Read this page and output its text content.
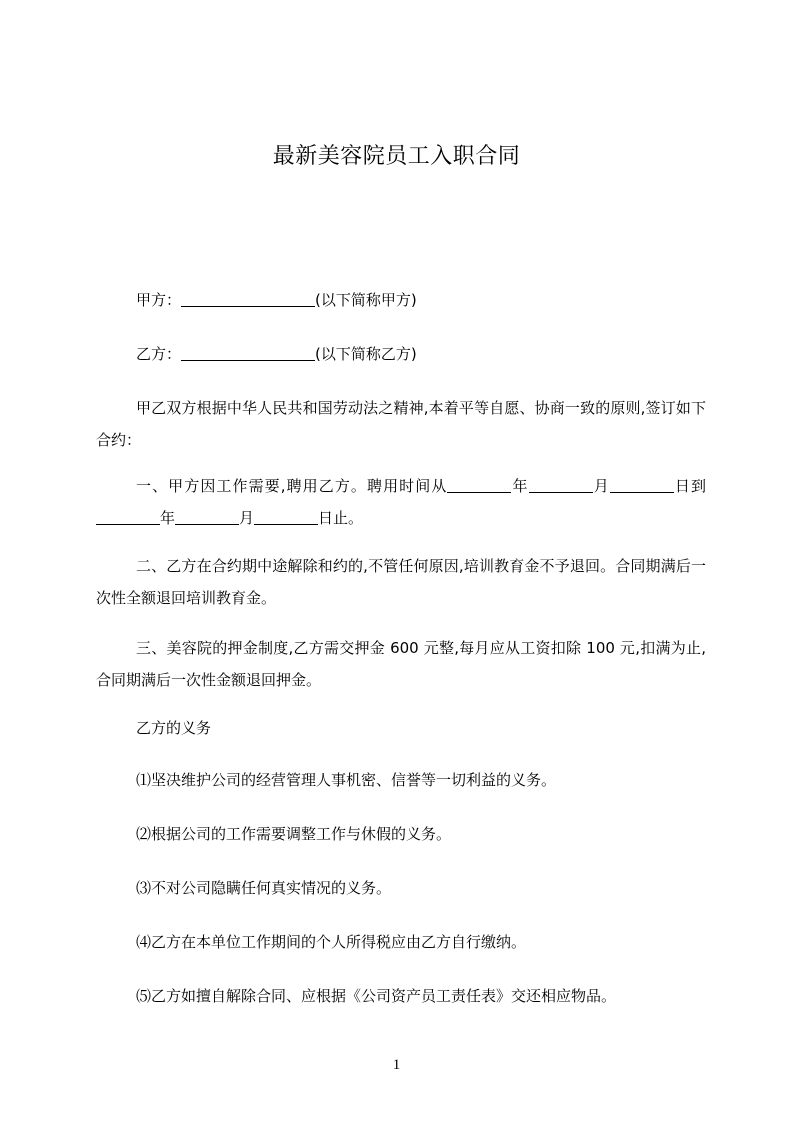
最新美容院员工入职合同
甲方：	(以下简称甲方)
乙方：	(以下简称乙方)

甲乙双方根据中华人民共和国劳动法之精神,本着平等自愿、协商一致的原则,签订如下合约：

一、甲方因工作需要,聘用乙方。聘用时间从	年	月	日到年	月	日止。

二、乙方在合约期中途解除和约的,不管任何原因,培训教育金不予退回。合同期满后一次性全额退回培训教育金。

三、美容院的押金制度,乙方需交押金 600 元整,每月应从工资扣除 100 元,扣满为止,合同期满后一次性金额退回押金。

乙方的义务
⑴坚决维护公司的经营管理人事机密、信誉等一切利益的义务。
⑵根据公司的工作需要调整工作与休假的义务。
⑶不对公司隐瞒任何真实情况的义务。
⑷乙方在本单位工作期间的个人所得税应由乙方自行缴纳。
⑸乙方如擅自解除合同、应根据《公司资产员工责任表》交还相应物品。
1
